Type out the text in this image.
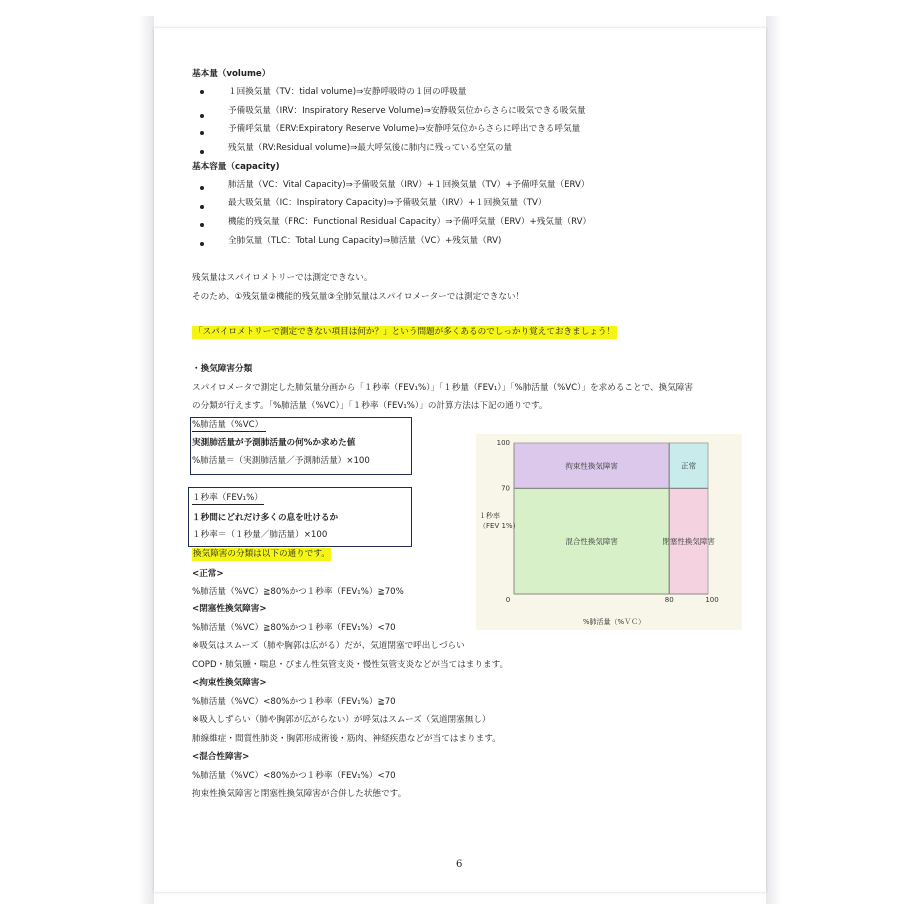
基本量（volume）
１回換気量（TV：tidal volume)⇒安静呼吸時の１回の呼吸量
予備吸気量（IRV：Inspiratory Reserve Volume)⇒安静吸気位からさらに吸気できる吸気量
予備呼気量（ERV:Expiratory Reserve Volume)⇒安静呼気位からさらに呼出できる呼気量
残気量（RV:Residual volume)⇒最大呼気後に肺内に残っている空気の量
基本容量（capacity)
肺活量（VC：Vital Capacity)⇒予備吸気量（IRV）+１回換気量（TV）+予備呼気量（ERV）
最大吸気量（IC：Inspiratory Capacity)⇒予備吸気量（IRV）+１回換気量（TV）
機能的残気量（FRC：Functional Residual Capacity）⇒予備呼気量（ERV）+残気量（RV）
全肺気量（TLC：Total Lung Capacity)⇒肺活量（VC）+残気量（RV)
残気量はスパイロメトリーでは測定できない。
そのため、①残気量②機能的残気量③全肺気量はスパイロメーターでは測定できない！
「スパイロメトリーで測定できない項目は何か？」という問題が多くあるのでしっかり覚えておきましょう！
・換気障害分類
スパイロメータで測定した肺気量分画から「１秒率（FEV₁%）」「１秒量（FEV₁）」「%肺活量（%VC）」を求めることで、換気障害
の分類が行えます。「%肺活量（%VC）」「１秒率（FEV₁%）」の計算方法は下記の通りです。
%肺活量（%VC）
実測肺活量が予測肺活量の何%か求めた値
%肺活量＝（実測肺活量／予測肺活量）×100
１秒率（FEV₁%）
１秒間にどれだけ多くの息を吐けるか
１秒率＝（１秒量／肺活量）×100
換気障害の分類は以下の通りです。
<正常>
%肺活量（%VC）≧80%かつ１秒率（FEV₁%）≧70%
<閉塞性換気障害>
%肺活量（%VC）≧80%かつ１秒率（FEV₁%）<70
※吸気はスムーズ（肺や胸郭は広がる）だが、気道閉塞で呼出しづらい
COPD・肺気腫・喘息・びまん性気管支炎・慢性気管支炎などが当てはまります。
<拘束性換気障害>
%肺活量（%VC）<80%かつ１秒率（FEV₁%）≧70
※吸入しずらい（肺や胸郭が広がらない）が呼気はスムーズ（気道閉塞無し）
肺線維症・間質性肺炎・胸郭形成術後・筋肉、神経疾患などが当てはまります。
<混合性障害>
%肺活量（%VC）<80%かつ１秒率（FEV₁%）<70
拘束性換気障害と閉塞性換気障害が合併した状態です。
6
拘束性換気障害	正常
混合性換気障害	閉塞性換気障害
100
70
0	80	100
１秒率
（FEV 1%）
%肺活量（%ＶＣ）
